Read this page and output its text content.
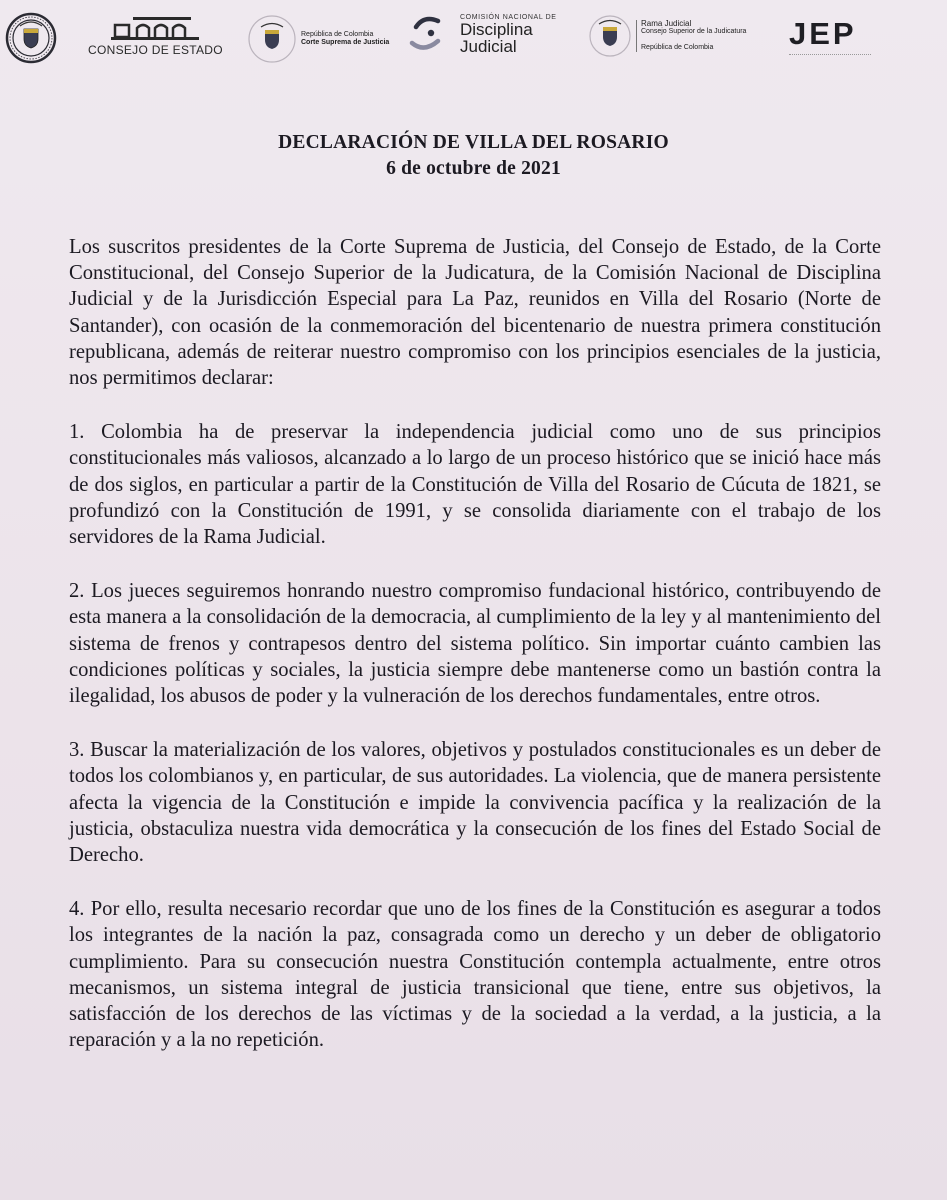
CONSEJO DE ESTADO
República de Colombia
Corte Suprema de Justicia
COMISIÓN NACIONAL DE
Disciplina
Judicial
Rama Judicial
Consejo Superior de la Judicatura
República de Colombia	JEP
DECLARACIÓN DE VILLA DEL ROSARIO
6 de octubre de 2021

Los suscritos presidentes de la Corte Suprema de Justicia, del Consejo de Estado, de la Corte Constitucional, del Consejo Superior de la Judicatura, de la Comisión Nacional de Disciplina Judicial y de la Jurisdicción Especial para La Paz, reunidos en Villa del Rosario (Norte de Santander), con ocasión de la conmemoración del bicentenario de nuestra primera constitución republicana, además de reiterar nuestro compromiso con los principios esenciales de la justicia, nos permitimos declarar:

1. Colombia ha de preservar la independencia judicial como uno de sus principios constitucionales más valiosos, alcanzado a lo largo de un proceso histórico que se inició hace más de dos siglos, en particular a partir de la Constitución de Villa del Rosario de Cúcuta de 1821, se profundizó con la Constitución de 1991, y se consolida diariamente con el trabajo de los servidores de la Rama Judicial.

2. Los jueces seguiremos honrando nuestro compromiso fundacional histórico, contribuyendo de esta manera a la consolidación de la democracia, al cumplimiento de la ley y al mantenimiento del sistema de frenos y contrapesos dentro del sistema político. Sin importar cuánto cambien las condiciones políticas y sociales, la justicia siempre debe mantenerse como un bastión contra la ilegalidad, los abusos de poder y la vulneración de los derechos fundamentales, entre otros.

3. Buscar la materialización de los valores, objetivos y postulados constitucionales es un deber de todos los colombianos y, en particular, de sus autoridades. La violencia, que de manera persistente afecta la vigencia de la Constitución e impide la convivencia pacífica y la realización de la justicia, obstaculiza nuestra vida democrática y la consecución de los fines del Estado Social de Derecho.

4. Por ello, resulta necesario recordar que uno de los fines de la Constitución es asegurar a todos los integrantes de la nación la paz, consagrada como un derecho y un deber de obligatorio cumplimiento. Para su consecución nuestra Constitución contempla actualmente, entre otros mecanismos, un sistema integral de justicia transicional que tiene, entre sus objetivos, la satisfacción de los derechos de las víctimas y de la sociedad a la verdad, a la justicia, a la reparación y a la no repetición.
